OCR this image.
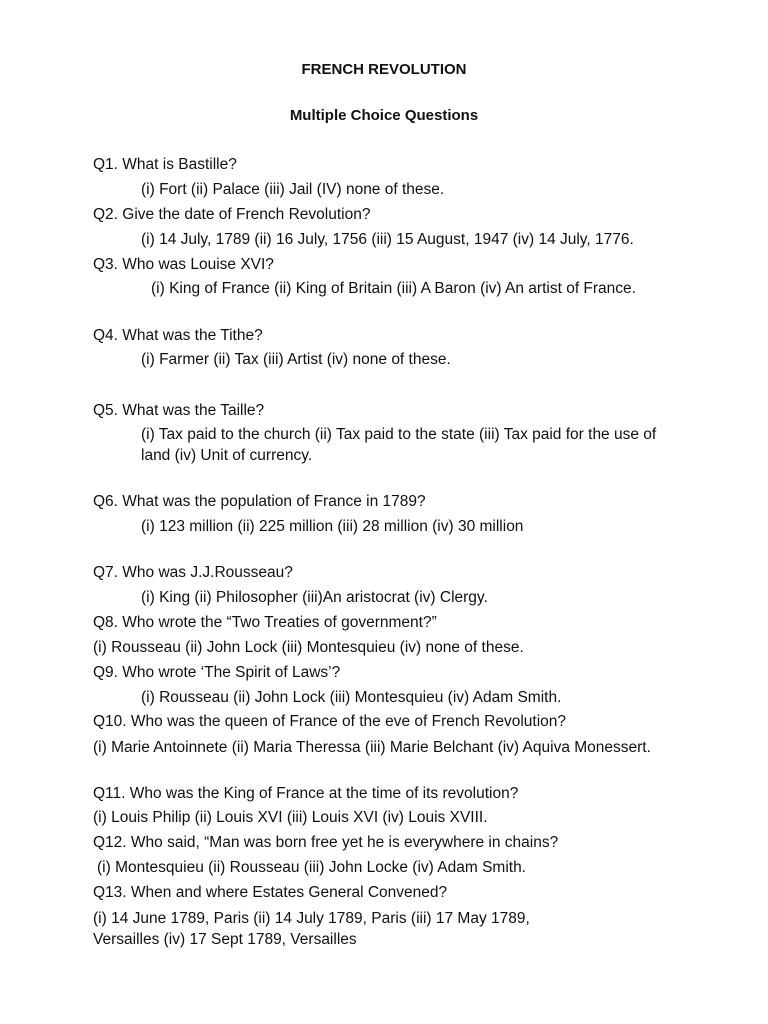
FRENCH REVOLUTION
Multiple Choice Questions
Q1. What is Bastille?
(i) Fort (ii) Palace (iii) Jail (IV) none of these.
Q2. Give the date of French Revolution?
(i) 14 July, 1789 (ii) 16 July, 1756 (iii) 15 August, 1947 (iv) 14 July, 1776.
Q3. Who was Louise XVI?
(i) King of France (ii) King of Britain (iii) A Baron (iv) An artist of France.
Q4. What was the Tithe?
(i) Farmer (ii) Tax (iii) Artist (iv) none of these.
Q5. What was the Taille?
(i) Tax paid to the church (ii) Tax paid to the state (iii) Tax paid for the use of land (iv) Unit of currency.
Q6. What was the population of France in 1789?
(i) 123 million (ii) 225 million (iii) 28 million (iv) 30 million
Q7. Who was J.J.Rousseau?
(i) King (ii) Philosopher (iii)An aristocrat (iv) Clergy.
Q8. Who wrote the “Two Treaties of government?”
(i) Rousseau (ii) John Lock (iii) Montesquieu (iv) none of these.
Q9. Who wrote ‘The Spirit of Laws’?
(i) Rousseau (ii) John Lock (iii) Montesquieu (iv) Adam Smith.
Q10. Who was the queen of France of the eve of French Revolution?
(i) Marie Antoinnete (ii) Maria Theressa (iii) Marie Belchant (iv) Aquiva Monessert.
Q11. Who was the King of France at the time of its revolution?
(i) Louis Philip (ii) Louis XVI (iii) Louis XVI (iv) Louis XVIII.
Q12. Who said, “Man was born free yet he is everywhere in chains?
(i) Montesquieu (ii) Rousseau (iii) John Locke (iv) Adam Smith.
Q13. When and where Estates General Convened?
(i) 14 June 1789, Paris (ii) 14 July 1789, Paris (iii) 17 May 1789, Versailles (iv) 17 Sept 1789, Versailles
